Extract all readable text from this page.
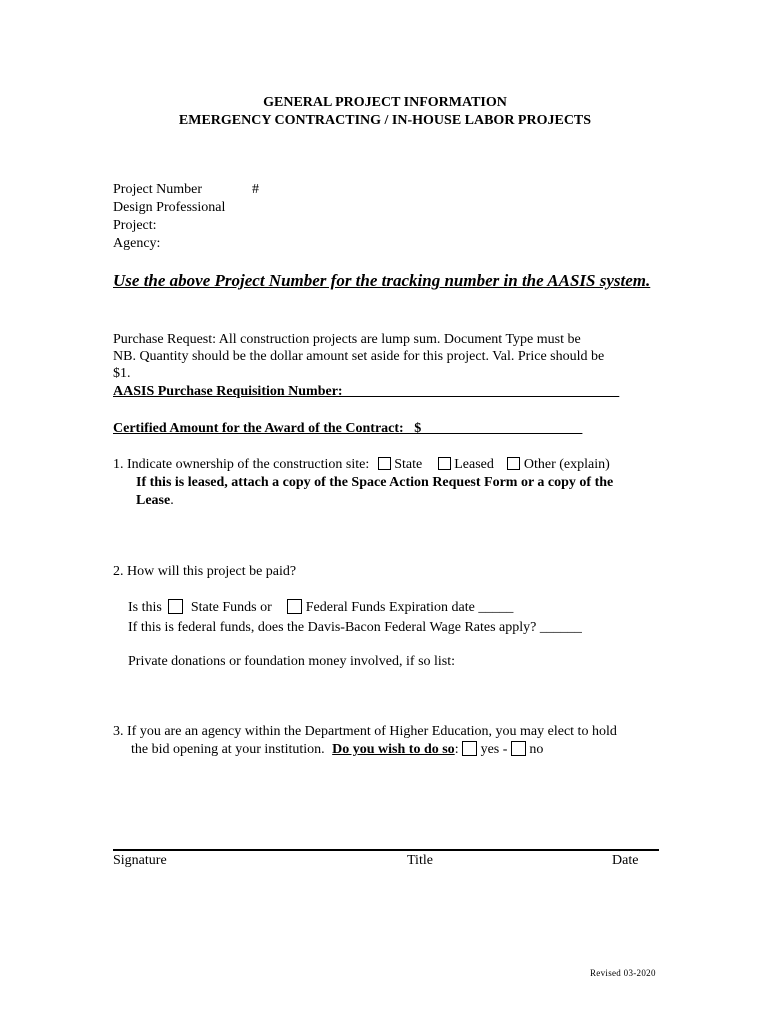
GENERAL PROJECT INFORMATION
EMERGENCY CONTRACTING / IN-HOUSE LABOR PROJECTS
Project Number	#
Design Professional
Project:
Agency:
Use the above Project Number for the tracking number in the AASIS system.
Purchase Request: All construction projects are lump sum. Document Type must be
NB. Quantity should be the dollar amount set aside for this project. Val. Price should be
$1.
AASIS Purchase Requisition Number: _______________________________________
Certified Amount for the Award of the Contract: _$_______________________
1. Indicate ownership of the construction site: State Leased Other (explain)
If this is leased, attach a copy of the Space Action Request Form or a copy of the
Lease.
2. How will this project be paid?
Is this State Funds or Federal Funds Expiration date _____
If this is federal funds, does the Davis-Bacon Federal Wage Rates apply? ______
Private donations or foundation money involved, if so list:
3. If you are an agency within the Department of Higher Education, you may elect to hold
the bid opening at your institution. Do you wish to do so: yes - no
Signature	Title	Date
Revised 03-2020
